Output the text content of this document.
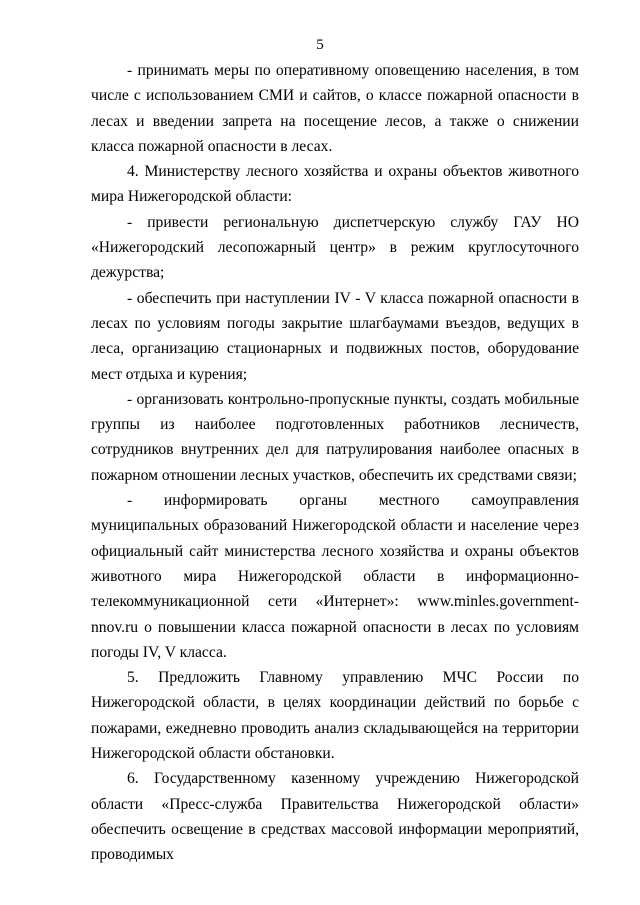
5

- принимать меры по оперативному оповещению населения, в том числе с использованием СМИ и сайтов, о классе пожарной опасности в лесах и введении запрета на посещение лесов, а также о снижении класса пожарной опасности в лесах.

4. Министерству лесного хозяйства и охраны объектов животного мира Нижегородской области:

- привести региональную диспетчерскую службу ГАУ НО «Нижегородский лесопожарный центр» в режим круглосуточного дежурства;

- обеспечить при наступлении IV - V класса пожарной опасности в лесах по условиям погоды закрытие шлагбаумами въездов, ведущих в леса, организацию стационарных и подвижных постов, оборудование мест отдыха и курения;

- организовать контрольно-пропускные пункты, создать мобильные группы из наиболее подготовленных работников лесничеств, сотрудников внутренних дел для патрулирования наиболее опасных в пожарном отношении лесных участков, обеспечить их средствами связи;

- информировать органы местного самоуправления муниципальных образований Нижегородской области и население через официальный сайт министерства лесного хозяйства и охраны объектов животного мира Нижегородской области в информационно-телекоммуникационной сети «Интернет»: www.minles.government-nnov.ru о повышении класса пожарной опасности в лесах по условиям погоды IV, V класса.

5. Предложить Главному управлению МЧС России по Нижегородской области, в целях координации действий по борьбе с пожарами, ежедневно проводить анализ складывающейся на территории Нижегородской области обстановки.

6. Государственному казенному учреждению Нижегородской области «Пресс-служба Правительства Нижегородской области» обеспечить освещение в средствах массовой информации мероприятий, проводимых
